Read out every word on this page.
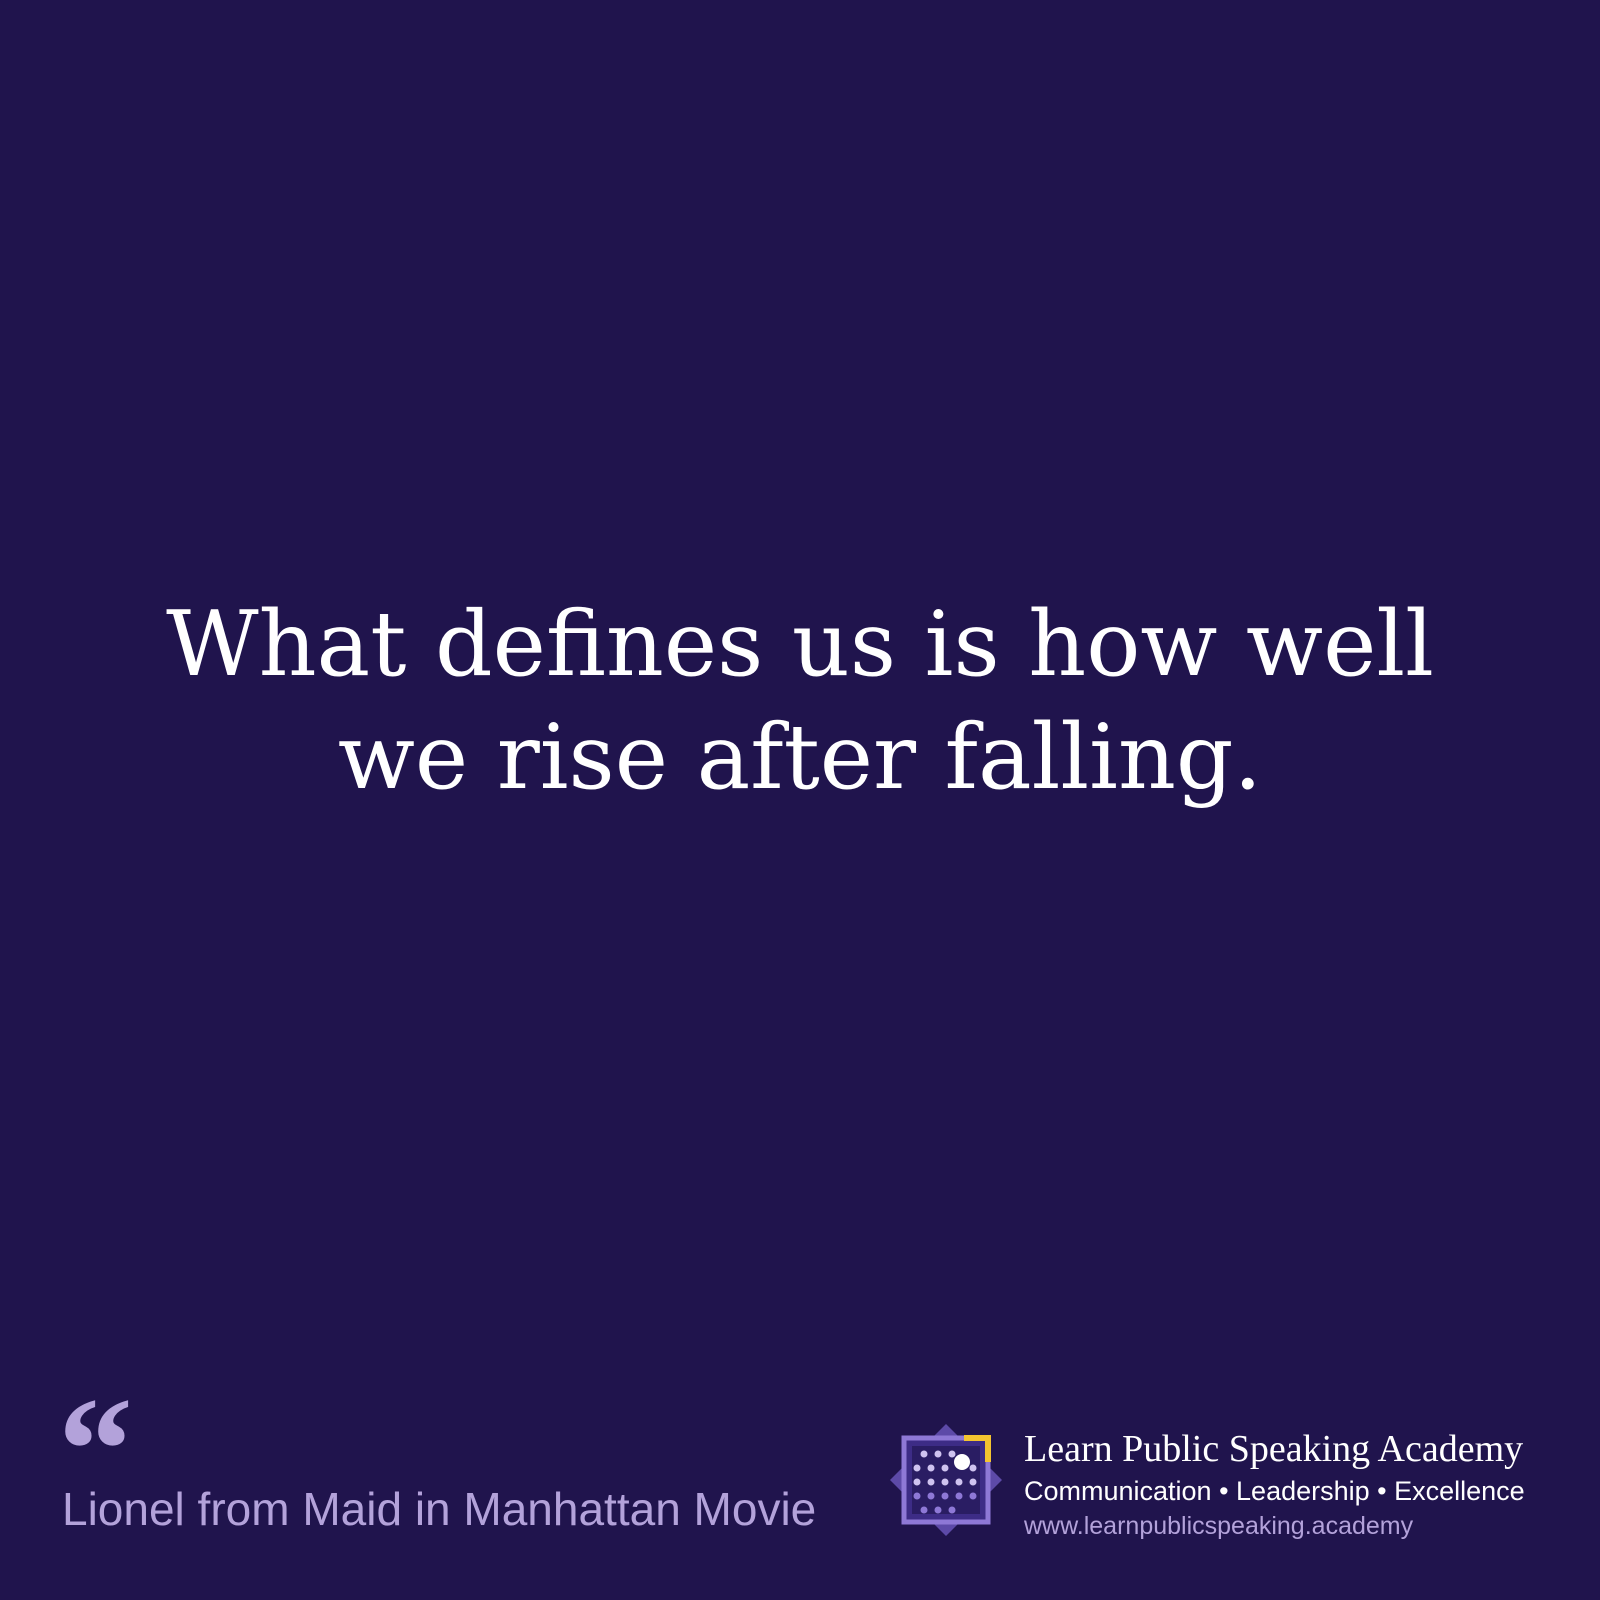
What defines us is how well
we rise after falling.
“
Lionel from Maid in Manhattan Movie
Learn Public Speaking Academy
Communication • Leadership • Excellence
www.learnpublicspeaking.academy
